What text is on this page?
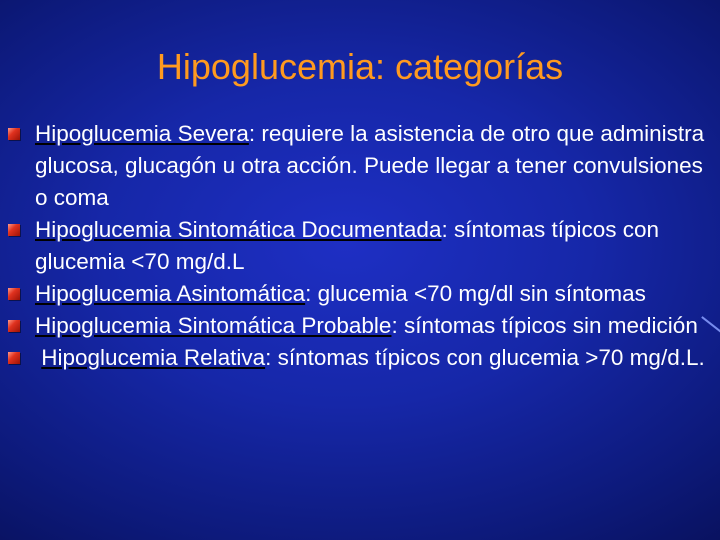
Hipoglucemia: categorías
Hipoglucemia Severa: requiere la asistencia de otro que administra glucosa, glucagón u otra acción. Puede llegar a tener convulsiones o coma
Hipoglucemia Sintomática Documentada: síntomas típicos con glucemia <70 mg/d.L
Hipoglucemia Asintomática: glucemia <70 mg/dl sin síntomas
Hipoglucemia Sintomática Probable: síntomas típicos sin medición
Hipoglucemia Relativa: síntomas típicos con glucemia >70 mg/d.L.
